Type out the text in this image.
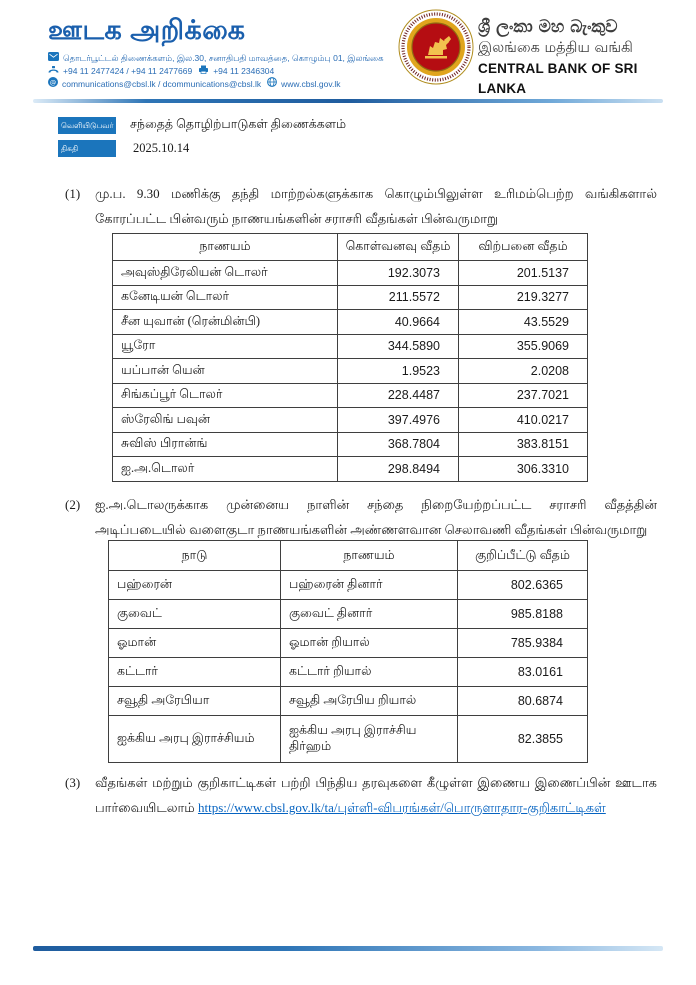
ஊடக அறிக்கை
தொடர்பூட்டல் திணைக்களம், இல.30, சனாதிபதி மாவத்தை, கொழும்பு 01, இலங்கை
+94 11 2477424 / +94 11 2477669 +94 11 2346304
@ communications@cbsl.lk / dcommunications@cbsl.lk www.cbsl.gov.lk
ශ්‍රී ලංකා මහ බැංකුව
இலங்கை மத்திய வங்கி
CENTRAL BANK OF SRI LANKA
வெளியிடுபவர் சந்தைத் தொழிற்பாடுகள் திணைக்களம்
திகதி	2025.10.14
(1) மு.ப. 9.30 மணிக்கு தந்தி மாற்றல்களுக்காக கொழும்பிலுள்ள உரிமம்பெற்ற வங்கிகளால் கோரப்பட்ட பின்வரும் நாணயங்களின் சராசரி வீதங்கள் பின்வருமாறு
நாணயம்	கொள்வனவு வீதம்	விற்பனை வீதம்
அவுஸ்திரேலியன் டொலர்	192.3073	201.5137
கனேடியன் டொலர்	211.5572	219.3277
சீன யுவான் (ரென்மின்பி)	40.9664	43.5529
யூரோ	344.5890	355.9069
யப்பான் யென்	1.9523	2.0208
சிங்கப்பூர் டொலர்	228.4487	237.7021
ஸ்ரேலிங் பவுன்	397.4976	410.0217
சுவிஸ் பிரான்ங்	368.7804	383.8151
ஐ.அ.டொலர்	298.8494	306.3310
(2) ஐ.அ.டொலருக்காக முன்னைய நாளின் சந்தை நிறையேற்றப்பட்ட சராசரி வீதத்தின் அடிப்படையில் வளைகுடா நாணயங்களின் அண்ணளவான செலாவணி வீதங்கள் பின்வருமாறு
நாடு	நாணயம்	குறிப்பீட்டு வீதம்
பஹ்ரைன்	பஹ்ரைன் தினார்	802.6365
குவைட்	குவைட் தினார்	985.8188
ஓமான்	ஓமான் றியால்	785.9384
கட்டார்	கட்டார் றியால்	83.0161
சவூதி அரேபியா	சவூதி அரேபிய றியால்	80.6874
ஐக்கிய அரபு இராச்சியம்	ஐக்கிய அரபு இராச்சிய திர்ஹம்	82.3855
(3) வீதங்கள் மற்றும் குறிகாட்டிகள் பற்றி பிந்திய தரவுகளை கீழுள்ள இணைய இணைப்பின் ஊடாக பார்வையிடலாம் https://www.cbsl.gov.lk/ta/புள்ளி-விபரங்கள்/பொருளாதார-குறிகாட்டிகள்
